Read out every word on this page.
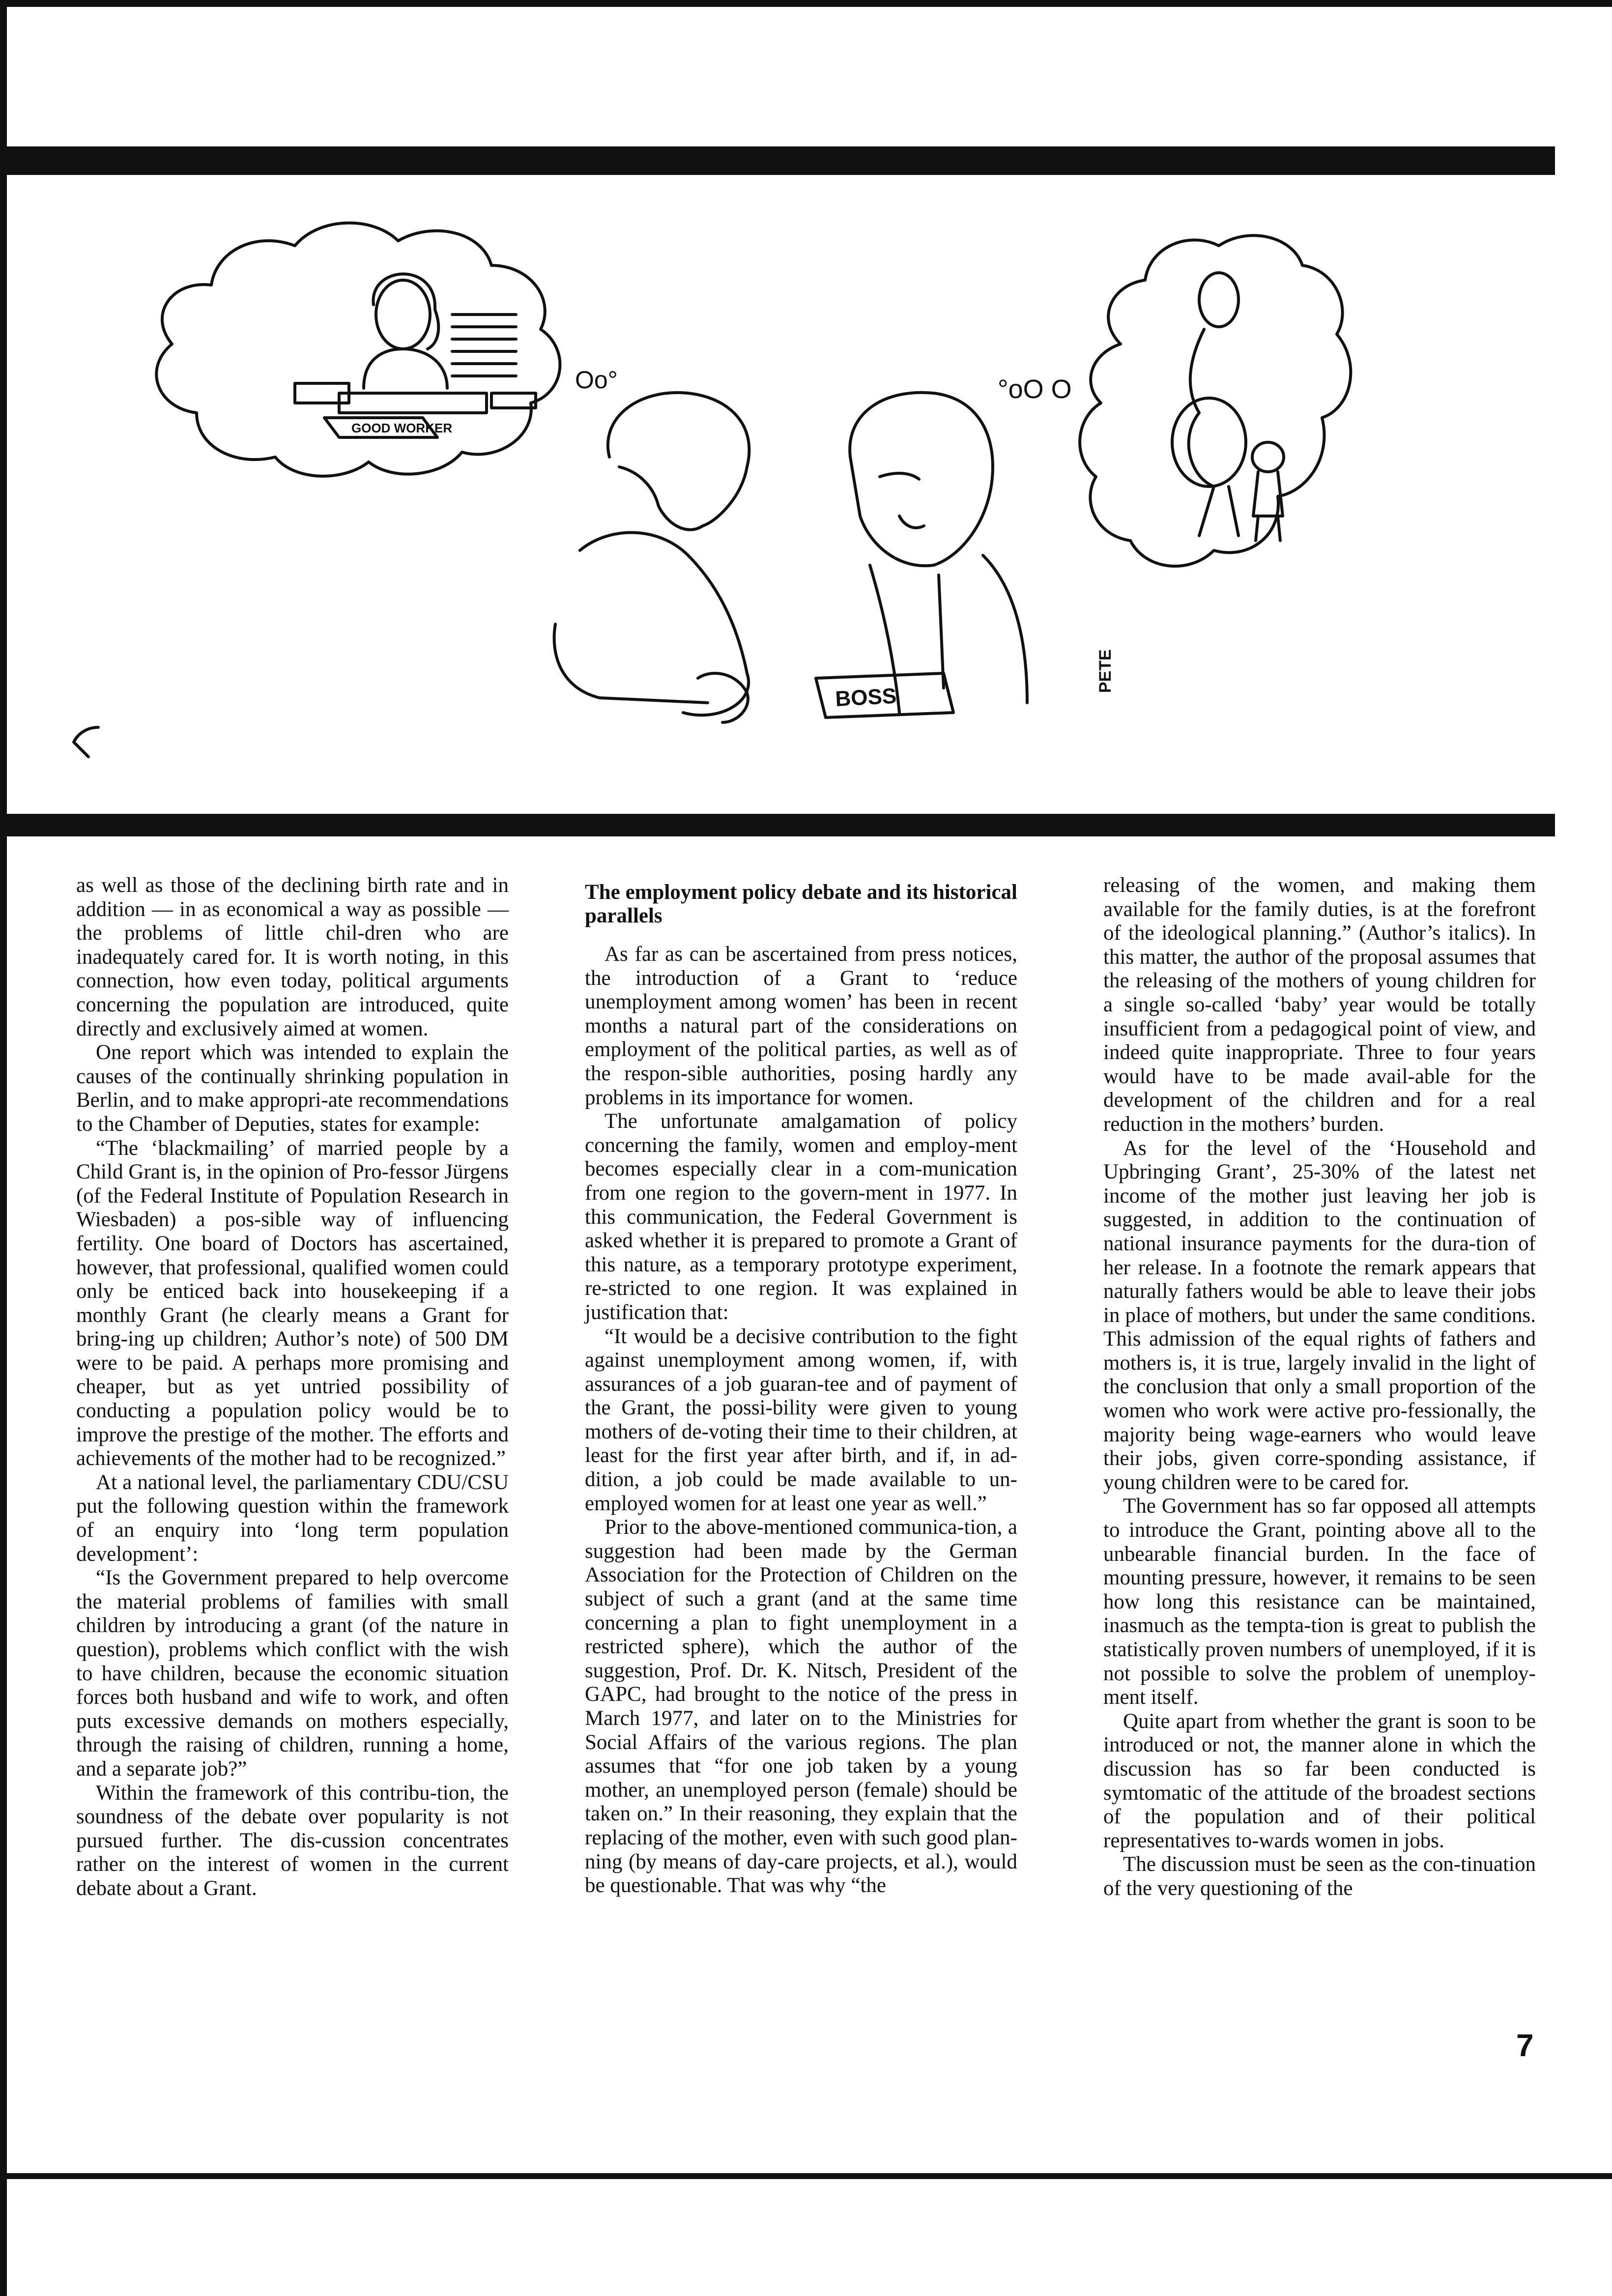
GOOD WORKER
Oo°
BOSS
°oO O
PETE

as well as those of the declining birth rate and in addition — in as economical a way as possible — the problems of little chil-dren who are inadequately cared for. It is worth noting, in this connection, how even today, political arguments concerning the population are introduced, quite directly and exclusively aimed at women.

One report which was intended to explain the causes of the continually shrinking population in Berlin, and to make appropri-ate recommendations to the Chamber of Deputies, states for example:

“The ‘blackmailing’ of married people by a Child Grant is, in the opinion of Pro-fessor Jürgens (of the Federal Institute of Population Research in Wiesbaden) a pos-sible way of influencing fertility. One board of Doctors has ascertained, however, that professional, qualified women could only be enticed back into housekeeping if a monthly Grant (he clearly means a Grant for bring-ing up children; Author’s note) of 500 DM were to be paid. A perhaps more promising and cheaper, but as yet untried possibility of conducting a population policy would be to improve the prestige of the mother. The efforts and achievements of the mother had to be recognized.”

At a national level, the parliamentary CDU/CSU put the following question within the framework of an enquiry into ‘long term population development’:

“Is the Government prepared to help overcome the material problems of families with small children by introducing a grant (of the nature in question), problems which conflict with the wish to have children, because the economic situation forces both husband and wife to work, and often puts excessive demands on mothers especially, through the raising of children, running a home, and a separate job?”

Within the framework of this contribu-tion, the soundness of the debate over popularity is not pursued further. The dis-cussion concentrates rather on the interest of women in the current debate about a Grant.

The employment policy debate and its historical parallels

As far as can be ascertained from press notices, the introduction of a Grant to ‘reduce unemployment among women’ has been in recent months a natural part of the considerations on employment of the political parties, as well as of the respon-sible authorities, posing hardly any problems in its importance for women.

The unfortunate amalgamation of policy concerning the family, women and employ-ment becomes especially clear in a com-munication from one region to the govern-ment in 1977. In this communication, the Federal Government is asked whether it is prepared to promote a Grant of this nature, as a temporary prototype experiment, re-stricted to one region. It was explained in justification that:

“It would be a decisive contribution to the fight against unemployment among women, if, with assurances of a job guaran-tee and of payment of the Grant, the possi-bility were given to young mothers of de-voting their time to their children, at least for the first year after birth, and if, in ad-dition, a job could be made available to un-employed women for at least one year as well.”

Prior to the above-mentioned communica-tion, a suggestion had been made by the German Association for the Protection of Children on the subject of such a grant (and at the same time concerning a plan to fight unemployment in a restricted sphere), which the author of the suggestion, Prof. Dr. K. Nitsch, President of the GAPC, had brought to the notice of the press in March 1977, and later on to the Ministries for Social Affairs of the various regions. The plan assumes that “for one job taken by a young mother, an unemployed person (female) should be taken on.” In their reasoning, they explain that the replacing of the mother, even with such good plan-ning (by means of day-care projects, et al.), would be questionable. That was why “the

releasing of the women, and making them available for the family duties, is at the forefront of the ideological planning.” (Author’s italics). In this matter, the author of the proposal assumes that the releasing of the mothers of young children for a single so-called ‘baby’ year would be totally insufficient from a pedagogical point of view, and indeed quite inappropriate. Three to four years would have to be made avail-able for the development of the children and for a real reduction in the mothers’ burden.

As for the level of the ‘Household and Upbringing Grant’, 25-30% of the latest net income of the mother just leaving her job is suggested, in addition to the continuation of national insurance payments for the dura-tion of her release. In a footnote the remark appears that naturally fathers would be able to leave their jobs in place of mothers, but under the same conditions. This admission of the equal rights of fathers and mothers is, it is true, largely invalid in the light of the conclusion that only a small proportion of the women who work were active pro-fessionally, the majority being wage-earners who would leave their jobs, given corre-sponding assistance, if young children were to be cared for.

The Government has so far opposed all attempts to introduce the Grant, pointing above all to the unbearable financial burden. In the face of mounting pressure, however, it remains to be seen how long this resistance can be maintained, inasmuch as the tempta-tion is great to publish the statistically proven numbers of unemployed, if it is not possible to solve the problem of unemploy-ment itself.

Quite apart from whether the grant is soon to be introduced or not, the manner alone in which the discussion has so far been conducted is symtomatic of the attitude of the broadest sections of the population and of their political representatives to-wards women in jobs.

The discussion must be seen as the con-tinuation of the very questioning of the

7
